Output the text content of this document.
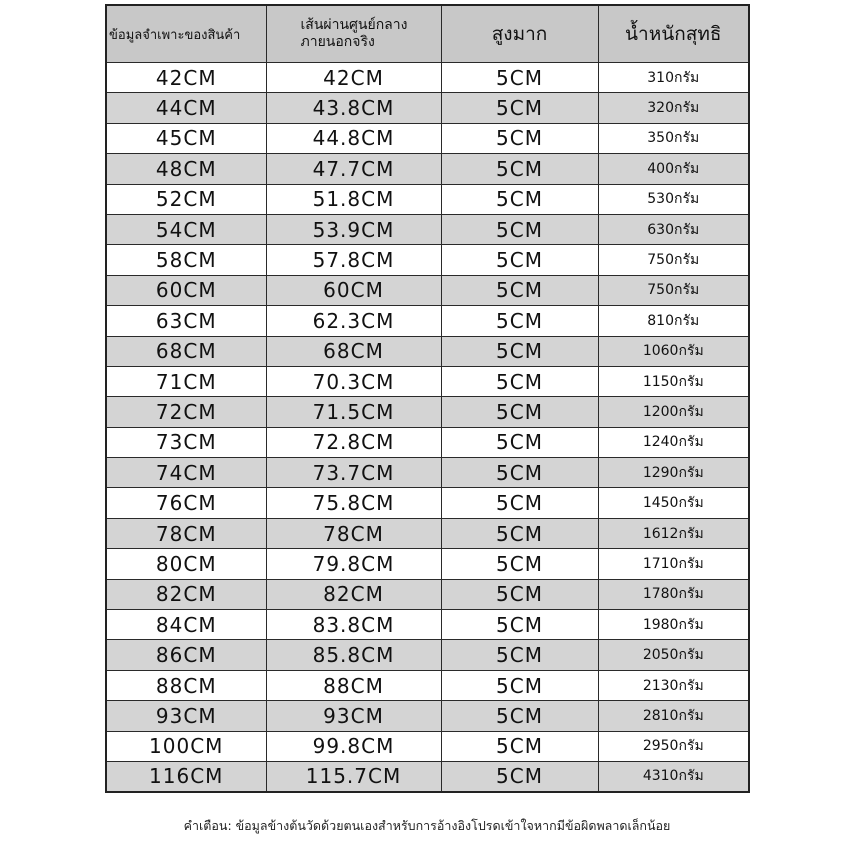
ข้อมูลจำเพาะของสินค้า	เส้นผ่านศูนย์กลางภายนอกจริง	สูงมาก	น้ำหนักสุทธิ
42CM	42CM	5CM	310กรัม
44CM	43.8CM	5CM	320กรัม
45CM	44.8CM	5CM	350กรัม
48CM	47.7CM	5CM	400กรัม
52CM	51.8CM	5CM	530กรัม
54CM	53.9CM	5CM	630กรัม
58CM	57.8CM	5CM	750กรัม
60CM	60CM	5CM	750กรัม
63CM	62.3CM	5CM	810กรัม
68CM	68CM	5CM	1060กรัม
71CM	70.3CM	5CM	1150กรัม
72CM	71.5CM	5CM	1200กรัม
73CM	72.8CM	5CM	1240กรัม
74CM	73.7CM	5CM	1290กรัม
76CM	75.8CM	5CM	1450กรัม
78CM	78CM	5CM	1612กรัม
80CM	79.8CM	5CM	1710กรัม
82CM	82CM	5CM	1780กรัม
84CM	83.8CM	5CM	1980กรัม
86CM	85.8CM	5CM	2050กรัม
88CM	88CM	5CM	2130กรัม
93CM	93CM	5CM	2810กรัม
100CM	99.8CM	5CM	2950กรัม
116CM	115.7CM	5CM	4310กรัม
คำเตือน: ข้อมูลข้างต้นวัดด้วยตนเองสำหรับการอ้างอิงโปรดเข้าใจหากมีข้อผิดพลาดเล็กน้อย
